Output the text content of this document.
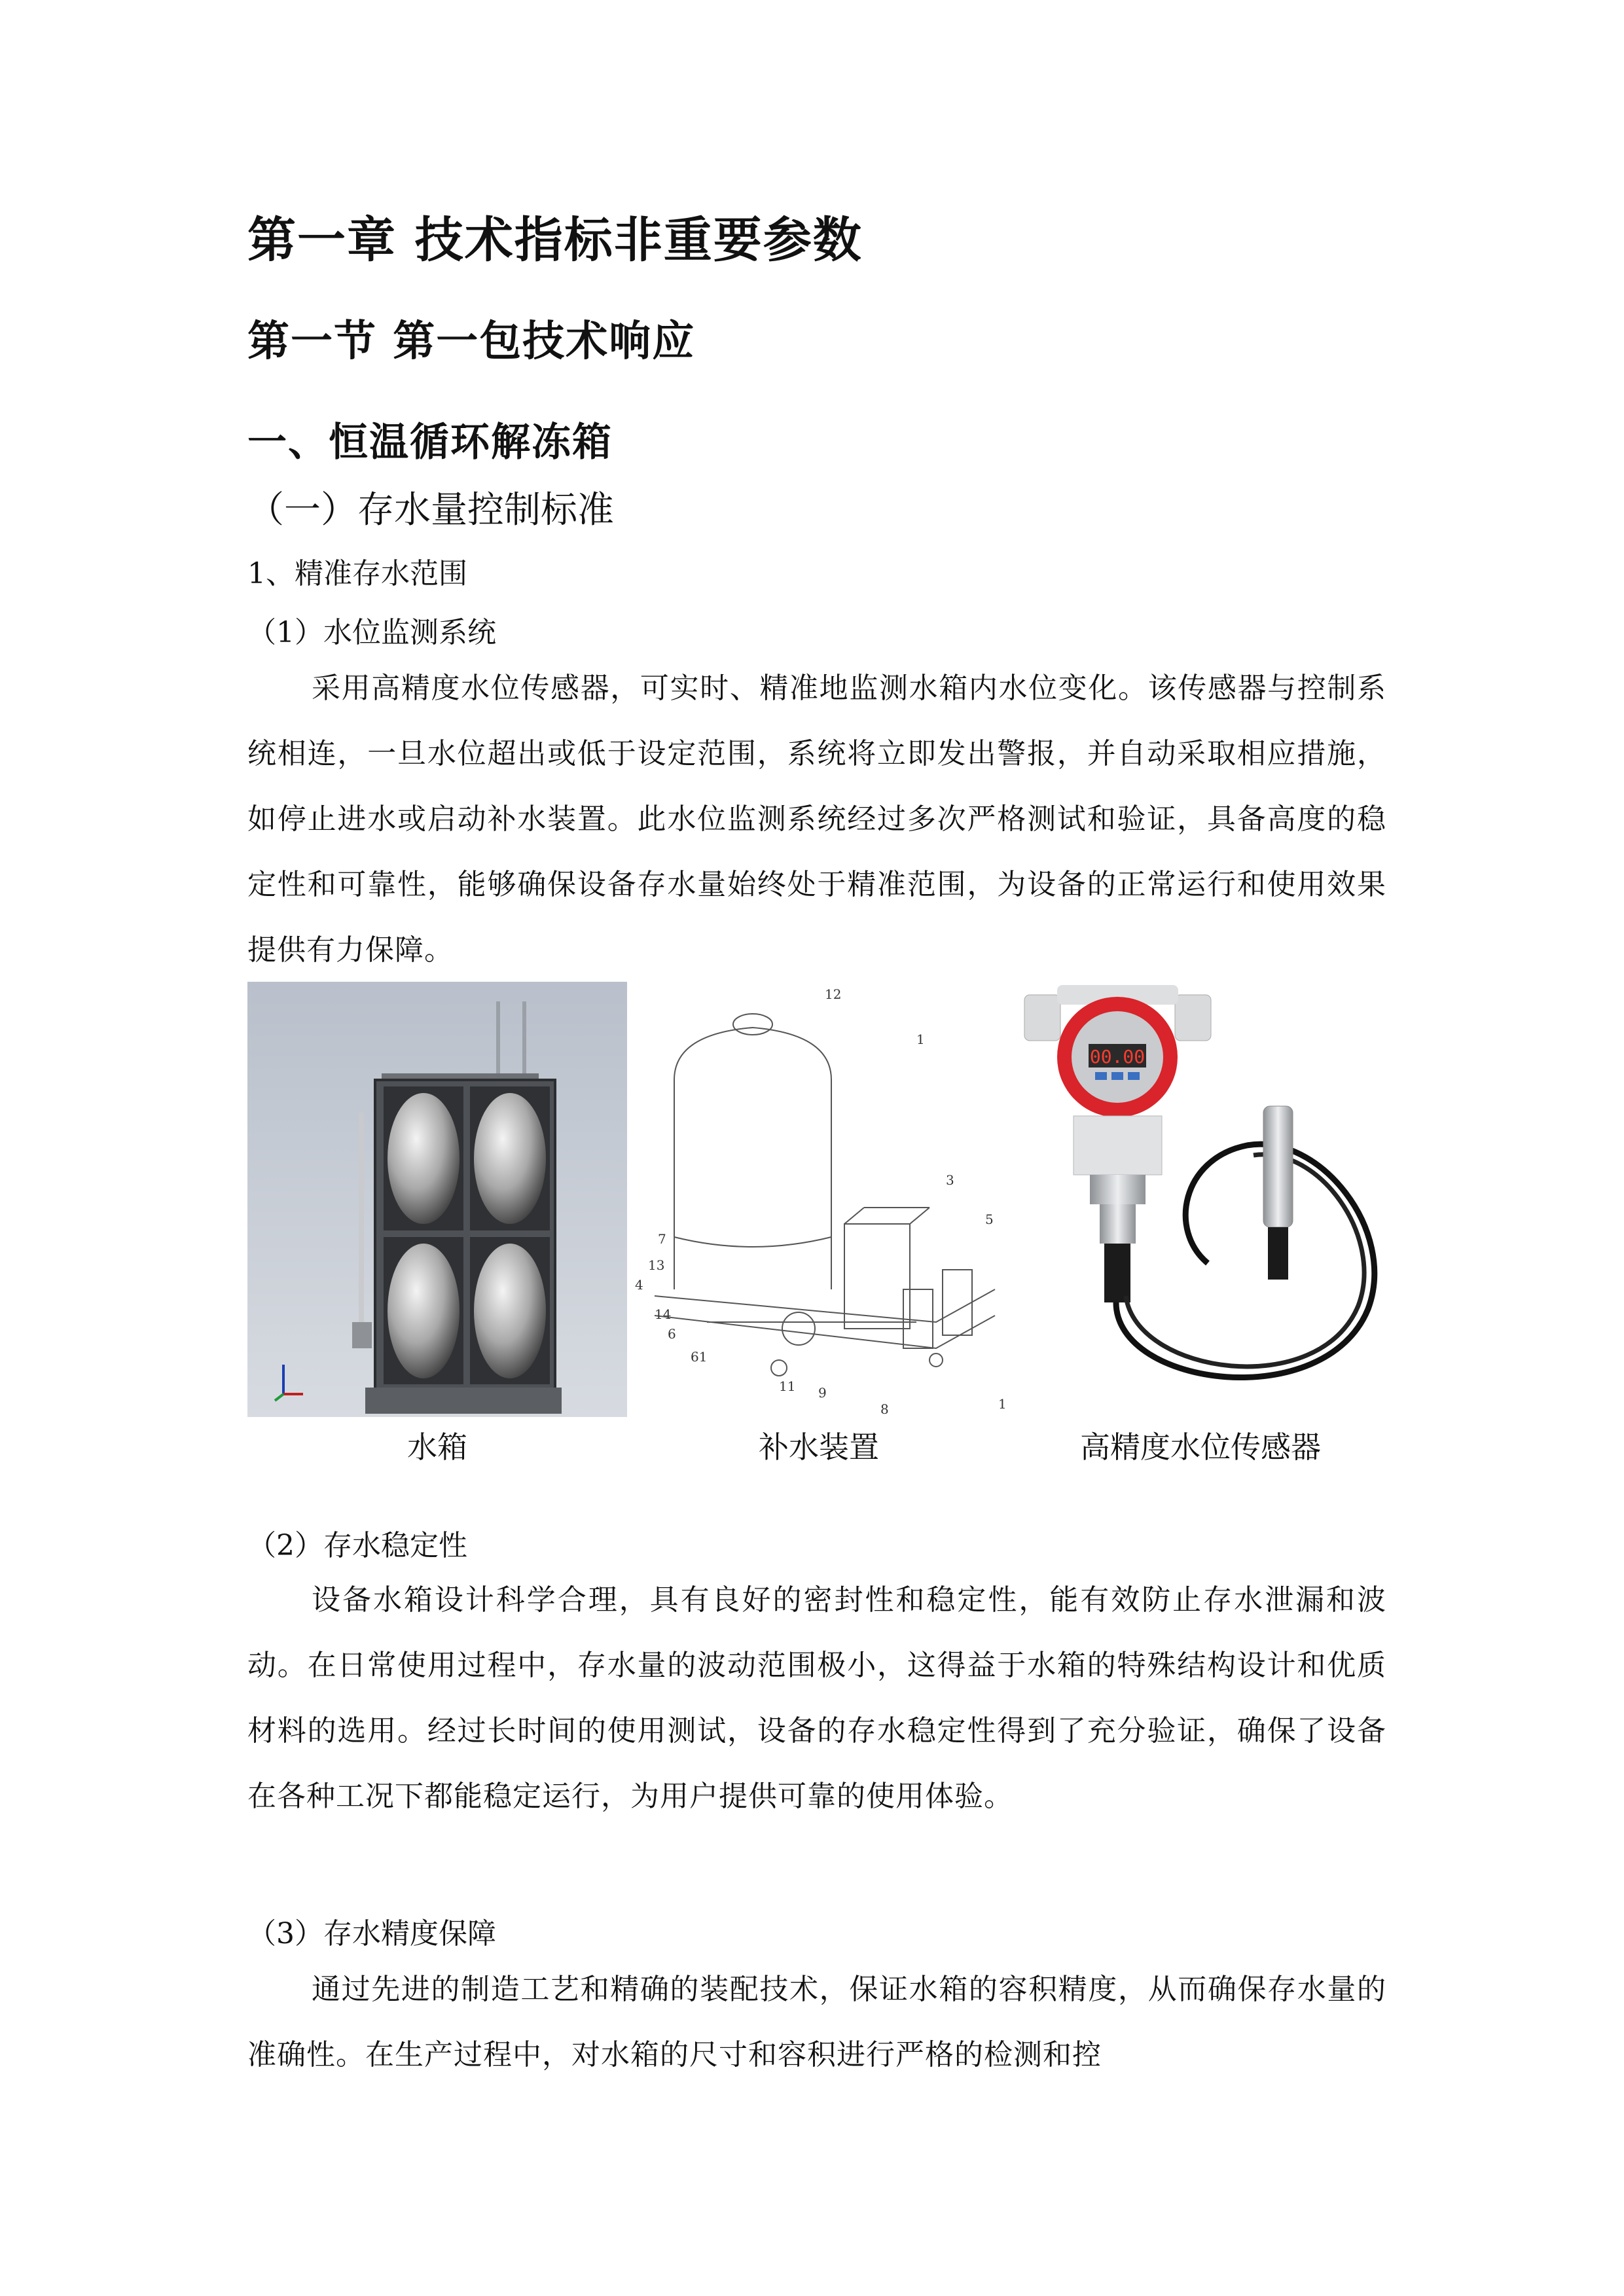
第一章 技术指标非重要参数
第一节 第一包技术响应
一、恒温循环解冻箱
（一）存水量控制标准
1、精准存水范围
（1）水位监测系统
采用高精度水位传感器，可实时、精准地监测水箱内水位变化。该传感器与控制系统相连，一旦水位超出或低于设定范围，系统将立即发出警报，并自动采取相应措施，如停止进水或启动补水装置。此水位监测系统经过多次严格测试和验证，具备高度的稳定性和可靠性，能够确保设备存水量始终处于精准范围，为设备的正常运行和使用效果提供有力保障。
12
1
3
5
7
13
4
14
6
61
11 9
8	1
00.00
水箱	补水装置	高精度水位传感器
（2）存水稳定性
设备水箱设计科学合理，具有良好的密封性和稳定性，能有效防止存水泄漏和波动。在日常使用过程中，存水量的波动范围极小，这得益于水箱的特殊结构设计和优质材料的选用。经过长时间的使用测试，设备的存水稳定性得到了充分验证，确保了设备在各种工况下都能稳定运行，为用户提供可靠的使用体验。
（3）存水精度保障
通过先进的制造工艺和精确的装配技术，保证水箱的容积精度，从而确保存水量的准确性。在生产过程中，对水箱的尺寸和容积进行严格的检测和控
